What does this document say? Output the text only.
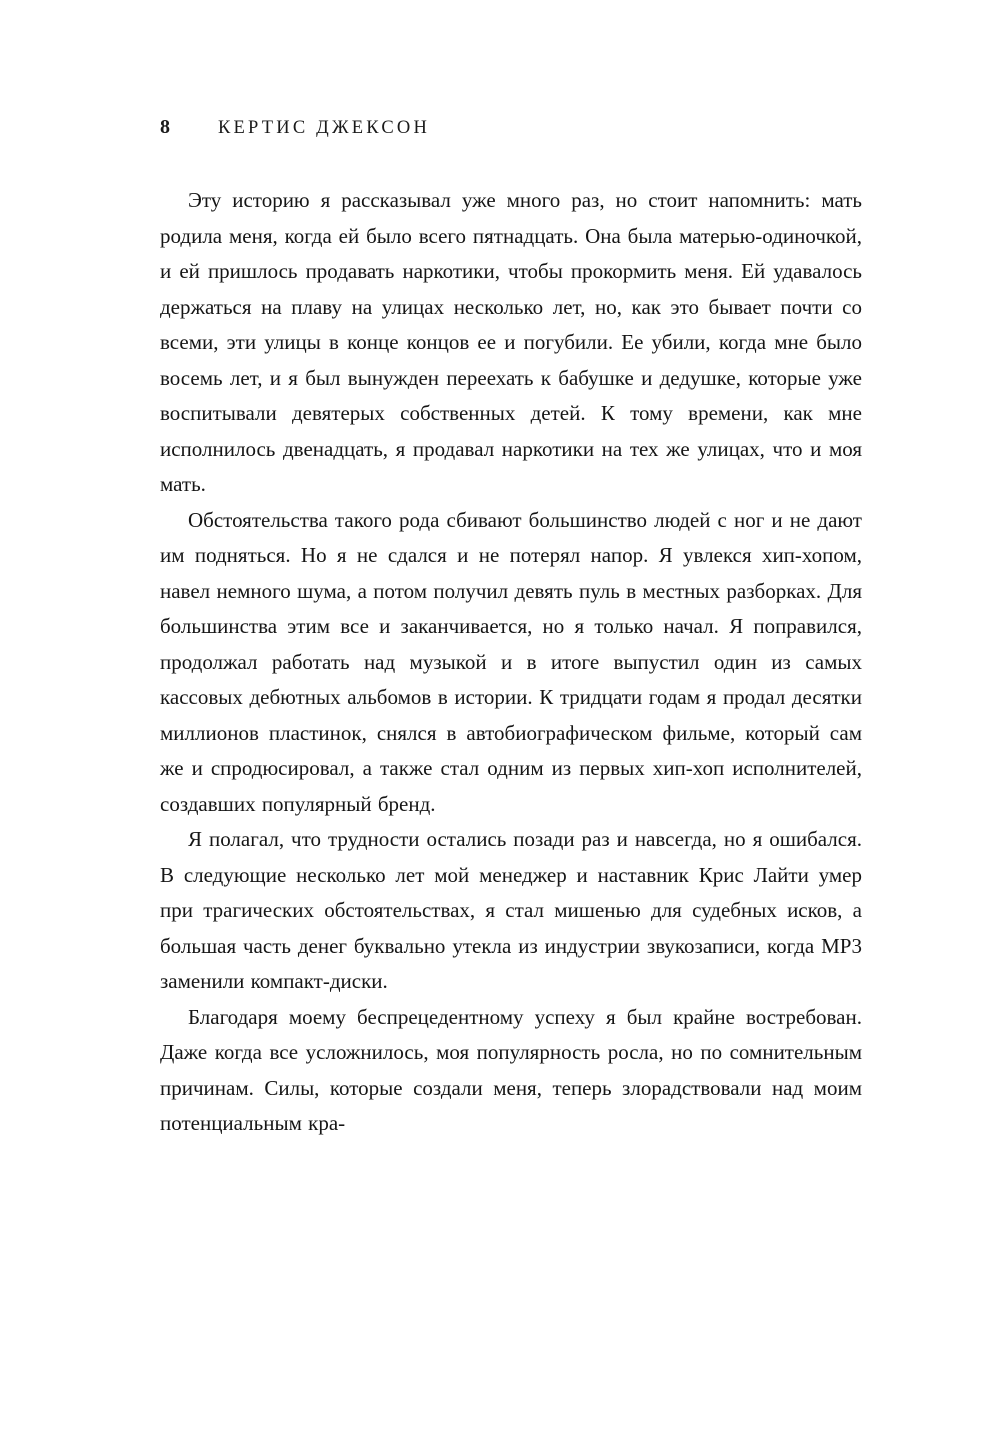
8	КЕРТИС ДЖЕКСОН

Эту историю я рассказывал уже много раз, но стоит напомнить: мать родила меня, когда ей было всего пятнадцать. Она была матерью-одиночкой, и ей пришлось продавать наркотики, чтобы прокормить меня. Ей удавалось держаться на плаву на улицах несколько лет, но, как это бывает почти со всеми, эти улицы в конце концов ее и погубили. Ее убили, когда мне было восемь лет, и я был вынужден переехать к бабушке и дедушке, которые уже воспитывали девятерых собственных детей. К тому времени, как мне исполнилось двенадцать, я продавал наркотики на тех же улицах, что и моя мать.

Обстоятельства такого рода сбивают большинство людей с ног и не дают им подняться. Но я не сдался и не потерял напор. Я увлекся хип-хопом, навел немного шума, а потом получил девять пуль в местных разборках. Для большинства этим все и заканчивается, но я только начал. Я поправился, продолжал работать над музыкой и в итоге выпустил один из самых кассовых дебютных альбомов в истории. К тридцати годам я продал десятки миллионов пластинок, снялся в автобиографическом фильме, который сам же и спродюсировал, а также стал одним из первых хип-хоп исполнителей, создавших популярный бренд.

Я полагал, что трудности остались позади раз и навсегда, но я ошибался. В следующие несколько лет мой менеджер и наставник Крис Лайти умер при трагических обстоятельствах, я стал мишенью для судебных исков, а большая часть денег буквально утекла из индустрии звукозаписи, когда MP3 заменили компакт-диски.

Благодаря моему беспрецедентному успеху я был крайне востребован. Даже когда все усложнилось, моя популярность росла, но по сомнительным причинам. Силы, которые создали меня, теперь злорадствовали над моим потенциальным кра-
